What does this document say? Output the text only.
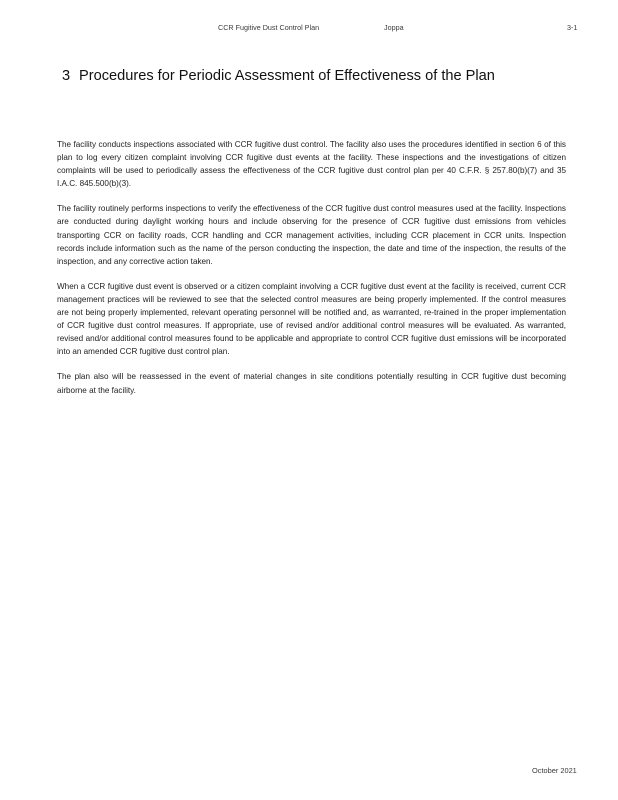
CCR Fugitive Dust Control Plan	Joppa	3-1
3 Procedures for Periodic Assessment of Effectiveness of the Plan

The facility conducts inspections associated with CCR fugitive dust control. The facility also uses the procedures identified in section 6 of this plan to log every citizen complaint involving CCR fugitive dust events at the facility. These inspections and the investigations of citizen complaints will be used to periodically assess the effectiveness of the CCR fugitive dust control plan per 40 C.F.R. § 257.80(b)(7) and 35 I.A.C. 845.500(b)(3).

The facility routinely performs inspections to verify the effectiveness of the CCR fugitive dust control measures used at the facility. Inspections are conducted during daylight working hours and include observing for the presence of CCR fugitive dust emissions from vehicles transporting CCR on facility roads, CCR handling and CCR management activities, including CCR placement in CCR units. Inspection records include information such as the name of the person conducting the inspection, the date and time of the inspection, the results of the inspection, and any corrective action taken.

When a CCR fugitive dust event is observed or a citizen complaint involving a CCR fugitive dust event at the facility is received, current CCR management practices will be reviewed to see that the selected control measures are being properly implemented. If the control measures are not being properly implemented, relevant operating personnel will be notified and, as warranted, re-trained in the proper implementation of CCR fugitive dust control measures. If appropriate, use of revised and/or additional control measures will be evaluated. As warranted, revised and/or additional control measures found to be applicable and appropriate to control CCR fugitive dust emissions will be incorporated into an amended CCR fugitive dust control plan.

The plan also will be reassessed in the event of material changes in site conditions potentially resulting in CCR fugitive dust becoming airborne at the facility.

October 2021
